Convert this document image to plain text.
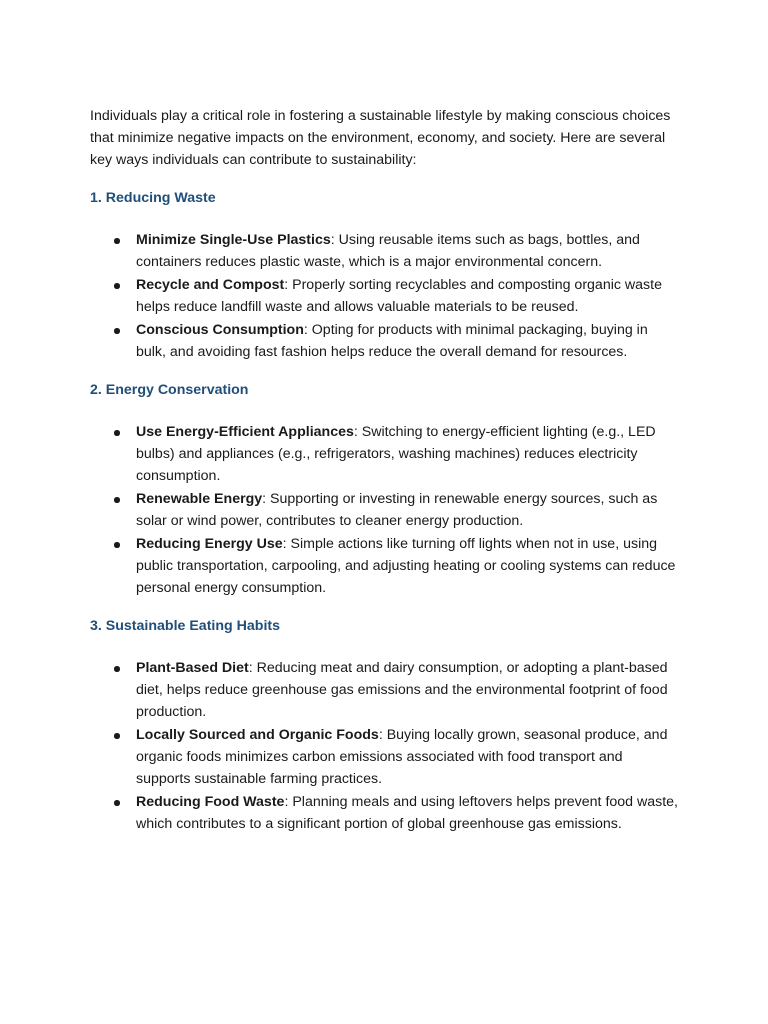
Individuals play a critical role in fostering a sustainable lifestyle by making conscious choices that minimize negative impacts on the environment, economy, and society. Here are several key ways individuals can contribute to sustainability:

1. Reducing Waste
Minimize Single-Use Plastics: Using reusable items such as bags, bottles, and containers reduces plastic waste, which is a major environmental concern.
Recycle and Compost: Properly sorting recyclables and composting organic waste helps reduce landfill waste and allows valuable materials to be reused.
Conscious Consumption: Opting for products with minimal packaging, buying in bulk, and avoiding fast fashion helps reduce the overall demand for resources.
2. Energy Conservation
Use Energy-Efficient Appliances: Switching to energy-efficient lighting (e.g., LED bulbs) and appliances (e.g., refrigerators, washing machines) reduces electricity consumption.
Renewable Energy: Supporting or investing in renewable energy sources, such as solar or wind power, contributes to cleaner energy production.
Reducing Energy Use: Simple actions like turning off lights when not in use, using public transportation, carpooling, and adjusting heating or cooling systems can reduce personal energy consumption.
3. Sustainable Eating Habits
Plant-Based Diet: Reducing meat and dairy consumption, or adopting a plant-based diet, helps reduce greenhouse gas emissions and the environmental footprint of food production.
Locally Sourced and Organic Foods: Buying locally grown, seasonal produce, and organic foods minimizes carbon emissions associated with food transport and supports sustainable farming practices.
Reducing Food Waste: Planning meals and using leftovers helps prevent food waste, which contributes to a significant portion of global greenhouse gas emissions.
